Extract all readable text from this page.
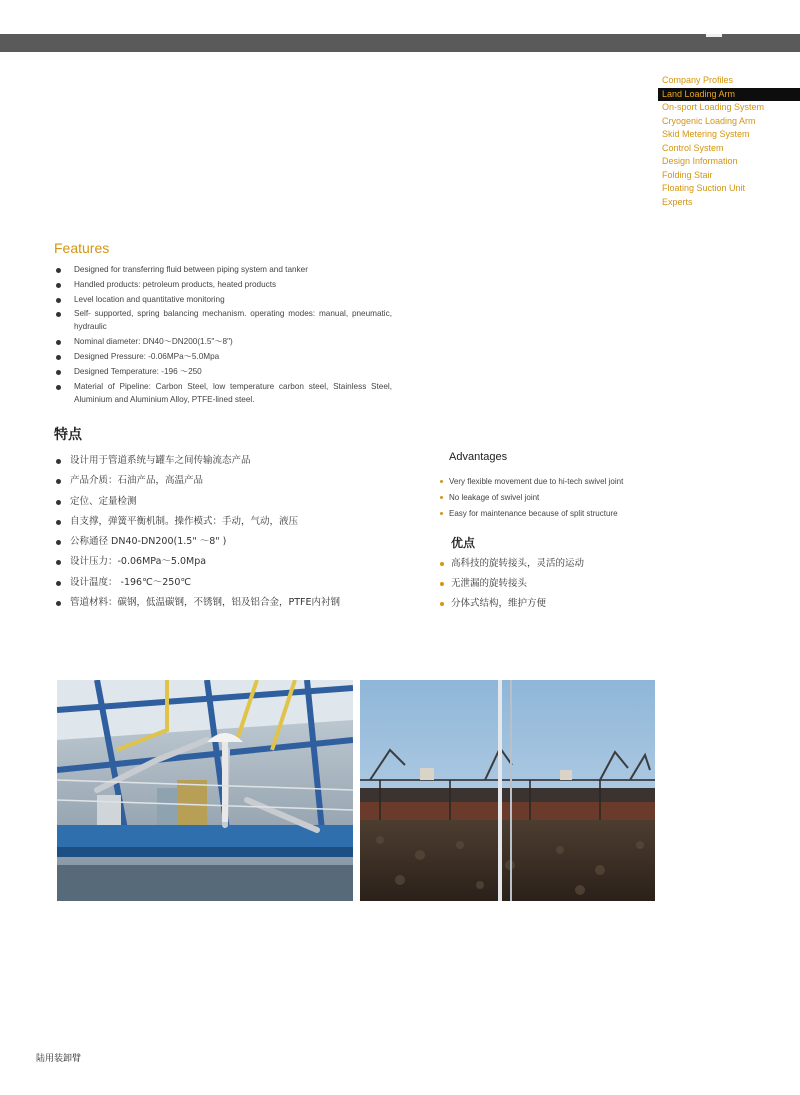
Company Profiles
Land Loading Arm
On-sport Loading System
Cryogenic Loading Arm
Skid Metering System
Control System
Design Information
Folding Stair
Floating Suction Unit
Experts
Features
Designed for transferring fluid between piping system and tanker
Handled products: petroleum products, heated products
Level location and quantitative monitoring
Self- supported, spring balancing mechanism. operating modes: manual, pneumatic, hydraulic
Nominal diameter: DN40～DN200(1.5"～8")
Designed Pressure: -0.06MPa～5.0Mpa
Designed Temperature: -196 ～250
Material of Pipeline: Carbon Steel, low temperature carbon steel, Stainless Steel, Aluminium and Aluminium Alloy, PTFE-lined steel.
特点
设计用于管道系统与罐车之间传输流态产品
产品介质：石油产品，高温产品
定位、定量检测
自支撑，弹簧平衡机制。操作模式：手动，气动，液压
公称通径 DN40-DN200(1.5" ～8" )
设计压力：-0.06MPa～5.0Mpa
设计温度： -196℃～250℃
管道材料：碳钢，低温碳钢，不锈钢，铝及铝合金，PTFE内衬钢
Advantages
Very flexible movement due to hi-tech swivel joint
No leakage of swivel joint
Easy for maintenance because of split structure
优点
高科技的旋转接头，灵活的运动
无泄漏的旋转接头
分体式结构，维护方便
陆用装卸臂
